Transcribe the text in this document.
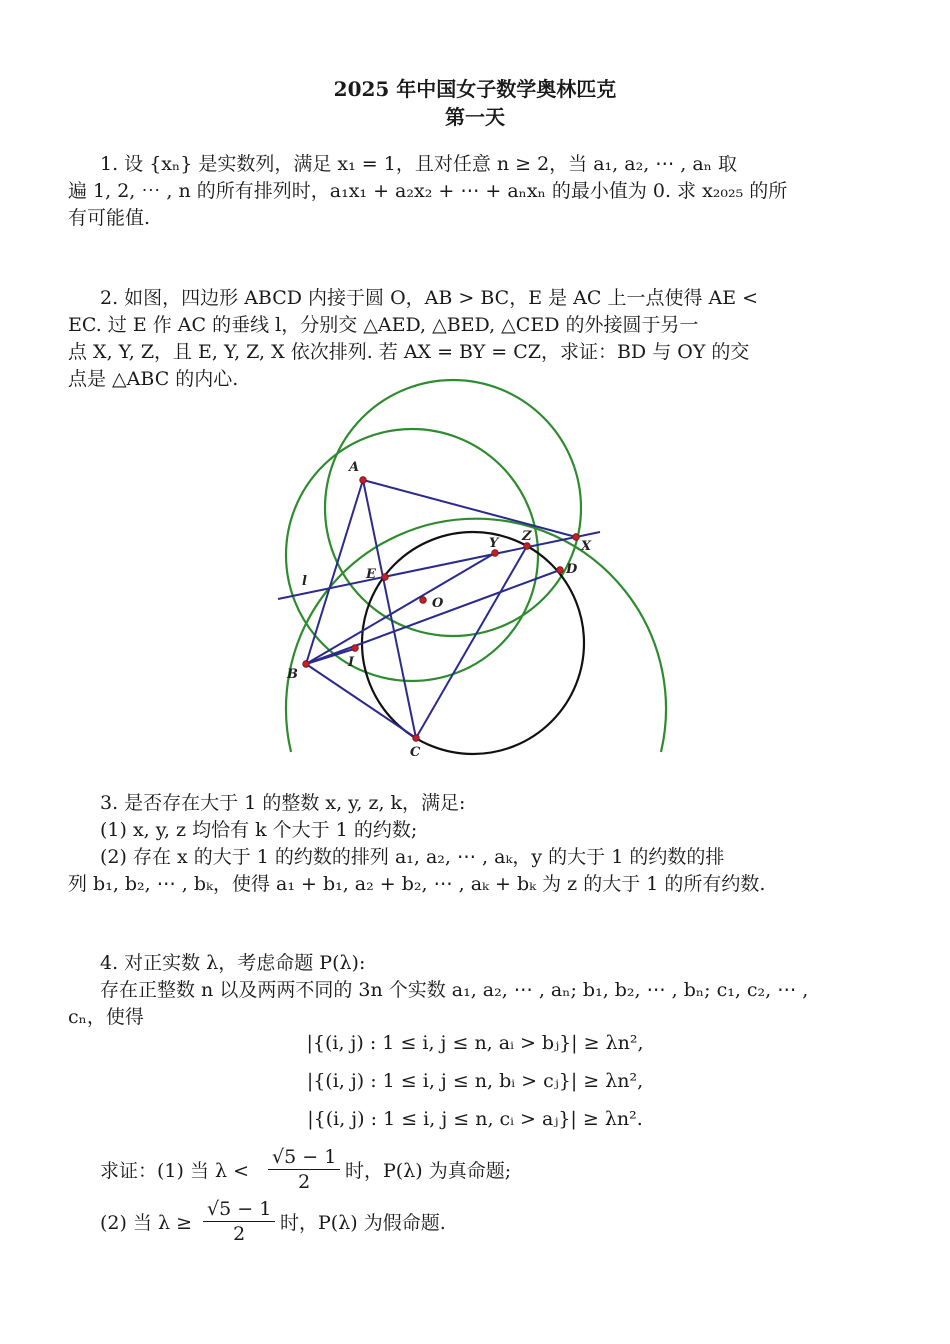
2025 年中国女子数学奥林匹克
第一天
1. 设 {xₙ} 是实数列，满足 x₁ = 1，且对任意 n ≥ 2，当 a₁, a₂, ⋯ , aₙ 取
遍 1, 2, ⋯ , n 的所有排列时，a₁x₁ + a₂x₂ + ⋯ + aₙxₙ 的最小值为 0. 求 x₂₀₂₅ 的所
有可能值.
2. 如图，四边形 ABCD 内接于圆 O，AB > BC，E 是 AC 上一点使得 AE <
EC. 过 E 作 AC 的垂线 l，分别交 △AED, △BED, △CED 的外接圆于另一
点 X, Y, Z，且 E, Y, Z, X 依次排列. 若 AX = BY = CZ，求证：BD 与 OY 的交
点是 △ABC 的内心.
A
B
C
D
E
O
I
X
Y Z
l
3. 是否存在大于 1 的整数 x, y, z, k，满足:
(1) x, y, z 均恰有 k 个大于 1 的约数;
(2) 存在 x 的大于 1 的约数的排列 a₁, a₂, ⋯ , aₖ，y 的大于 1 的约数的排
列 b₁, b₂, ⋯ , bₖ，使得 a₁ + b₁, a₂ + b₂, ⋯ , aₖ + bₖ 为 z 的大于 1 的所有约数.
4. 对正实数 λ，考虑命题 P(λ):
存在正整数 n 以及两两不同的 3n 个实数 a₁, a₂, ⋯ , aₙ; b₁, b₂, ⋯ , bₙ; c₁, c₂, ⋯ ,
cₙ，使得
|{(i, j) : 1 ≤ i, j ≤ n, aᵢ > bⱼ}| ≥ λn²,
|{(i, j) : 1 ≤ i, j ≤ n, bᵢ > cⱼ}| ≥ λn²,
|{(i, j) : 1 ≤ i, j ≤ n, cᵢ > aⱼ}| ≥ λn².
求证：(1) 当 $\lambda < \frac{√5 - 1}{2}$ 时，P(λ) 为真命题;
(2) 当 $\lambda \ge \frac{√5 - 1}{2}$ 时，P(λ) 为假命题.
